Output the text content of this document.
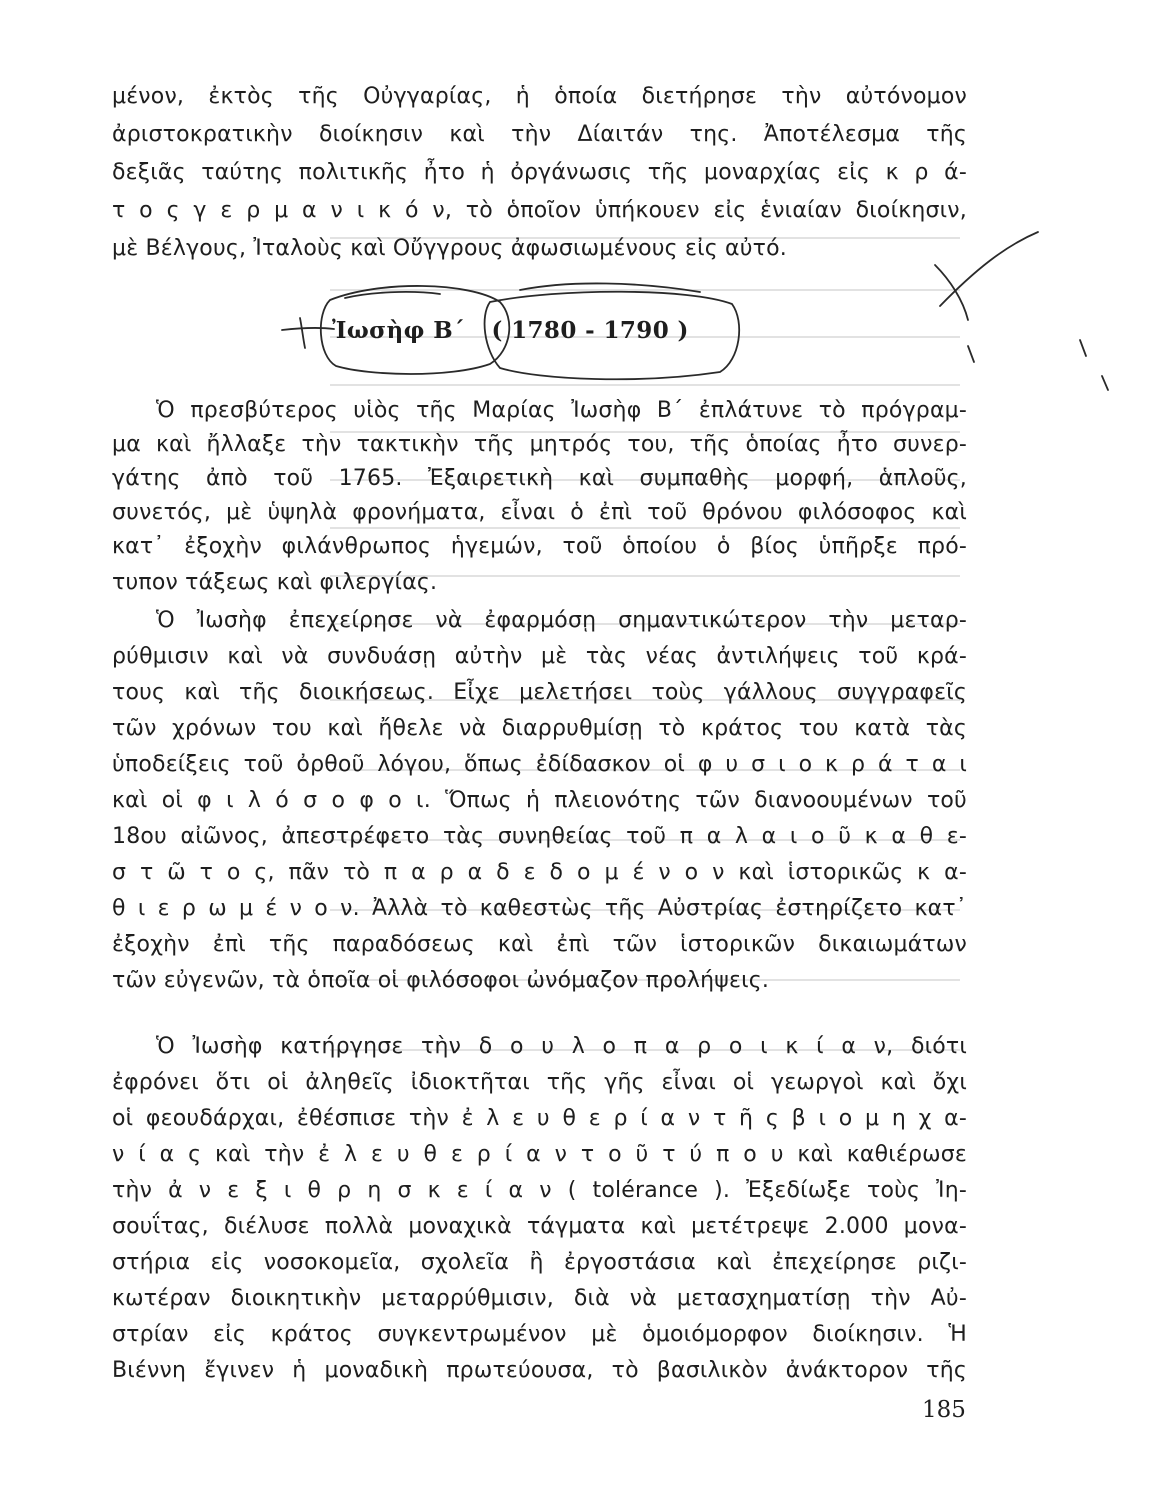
μένον, ἐκτὸς τῆς Οὐγγαρίας, ἡ ὁποία διετήρησε τὴν αὐτόνομον
ἀριστοκρατικὴν διοίκησιν καὶ τὴν Δίαιτάν της. Ἀποτέλεσμα τῆς
δεξιᾶς ταύτης πολιτικῆς ἦτο ἡ ὀργάνωσις τῆς μοναρχίας εἰς κ ρ ά-
τ ο ς γ ε ρ μ α ν ι κ ό ν, τὸ ὁποῖον ὑπήκουεν εἰς ἑνιαίαν διοίκησιν,
μὲ Βέλγους, Ἰταλοὺς καὶ Οὔγγρους ἀφωσιωμένους εἰς αὐτό.
Ἰωσὴφ Β΄ ( 1780 - 1790 )
Ὁ πρεσβύτερος υἱὸς τῆς Μαρίας Ἰωσὴφ Β΄ ἐπλάτυνε τὸ πρόγραμ-
μα καὶ ἤλλαξε τὴν τακτικὴν τῆς μητρός του, τῆς ὁποίας ἦτο συνερ-
γάτης ἀπὸ τοῦ 1765. Ἐξαιρετικὴ καὶ συμπαθὴς μορφή, ἁπλοῦς,
συνετός, μὲ ὑψηλὰ φρονήματα, εἶναι ὁ ἐπὶ τοῦ θρόνου φιλόσοφος καὶ
κατ᾿ ἐξοχὴν φιλάνθρωπος ἡγεμών, τοῦ ὁποίου ὁ βίος ὑπῆρξε πρό-
τυπον τάξεως καὶ φιλεργίας.
Ὁ Ἰωσὴφ ἐπεχείρησε νὰ ἐφαρμόσῃ σημαντικώτερον τὴν μεταρ-
ρύθμισιν καὶ νὰ συνδυάσῃ αὐτὴν μὲ τὰς νέας ἀντιλήψεις τοῦ κρά-
τους καὶ τῆς διοικήσεως. Εἶχε μελετήσει τοὺς γάλλους συγγραφεῖς
τῶν χρόνων του καὶ ἤθελε νὰ διαρρυθμίσῃ τὸ κράτος του κατὰ τὰς
ὑποδείξεις τοῦ ὀρθοῦ λόγου, ὅπως ἐδίδασκον οἱ φ υ σ ι ο κ ρ ά τ α ι
καὶ οἱ φ ι λ ό σ ο φ ο ι. Ὅπως ἡ πλειονότης τῶν διανοουμένων τοῦ
18ου αἰῶνος, ἀπεστρέφετο τὰς συνηθείας τοῦ π α λ α ι ο ῦ κ α θ ε-
σ τ ῶ τ ο ς, πᾶν τὸ π α ρ α δ ε δ ο μ έ ν ο ν καὶ ἱστορικῶς κ α-
θ ι ε ρ ω μ έ ν ο ν. Ἀλλὰ τὸ καθεστὼς τῆς Αὐστρίας ἐστηρίζετο κατ᾿
ἐξοχὴν ἐπὶ τῆς παραδόσεως καὶ ἐπὶ τῶν ἱστορικῶν δικαιωμάτων
τῶν εὐγενῶν, τὰ ὁποῖα οἱ φιλόσοφοι ὠνόμαζον προλήψεις.
Ὁ Ἰωσὴφ κατήργησε τὴν δ ο υ λ ο π α ρ ο ι κ ί α ν, διότι
ἐφρόνει ὅτι οἱ ἀληθεῖς ἰδιοκτῆται τῆς γῆς εἶναι οἱ γεωργοὶ καὶ ὄχι
οἱ φεουδάρχαι, ἐθέσπισε τὴν ἐ λ ε υ θ ε ρ ί α ν τ ῆ ς β ι ο μ η χ α-
ν ί α ς καὶ τὴν ἐ λ ε υ θ ε ρ ί α ν τ ο ῦ τ ύ π ο υ καὶ καθιέρωσε
τὴν ἀ ν ε ξ ι θ ρ η σ κ ε ί α ν ( tolérance ). Ἐξεδίωξε τοὺς Ἰη-
σουΐτας, διέλυσε πολλὰ μοναχικὰ τάγματα καὶ μετέτρεψε 2.000 μονα-
στήρια εἰς νοσοκομεῖα, σχολεῖα ἢ ἐργοστάσια καὶ ἐπεχείρησε ριζι-
κωτέραν διοικητικὴν μεταρρύθμισιν, διὰ νὰ μετασχηματίσῃ τὴν Αὐ-
στρίαν εἰς κράτος συγκεντρωμένον μὲ ὁμοιόμορφον διοίκησιν. Ἡ
Βιέννη ἔγινεν ἡ μοναδικὴ πρωτεύουσα, τὸ βασιλικὸν ἀνάκτορον τῆς
185
